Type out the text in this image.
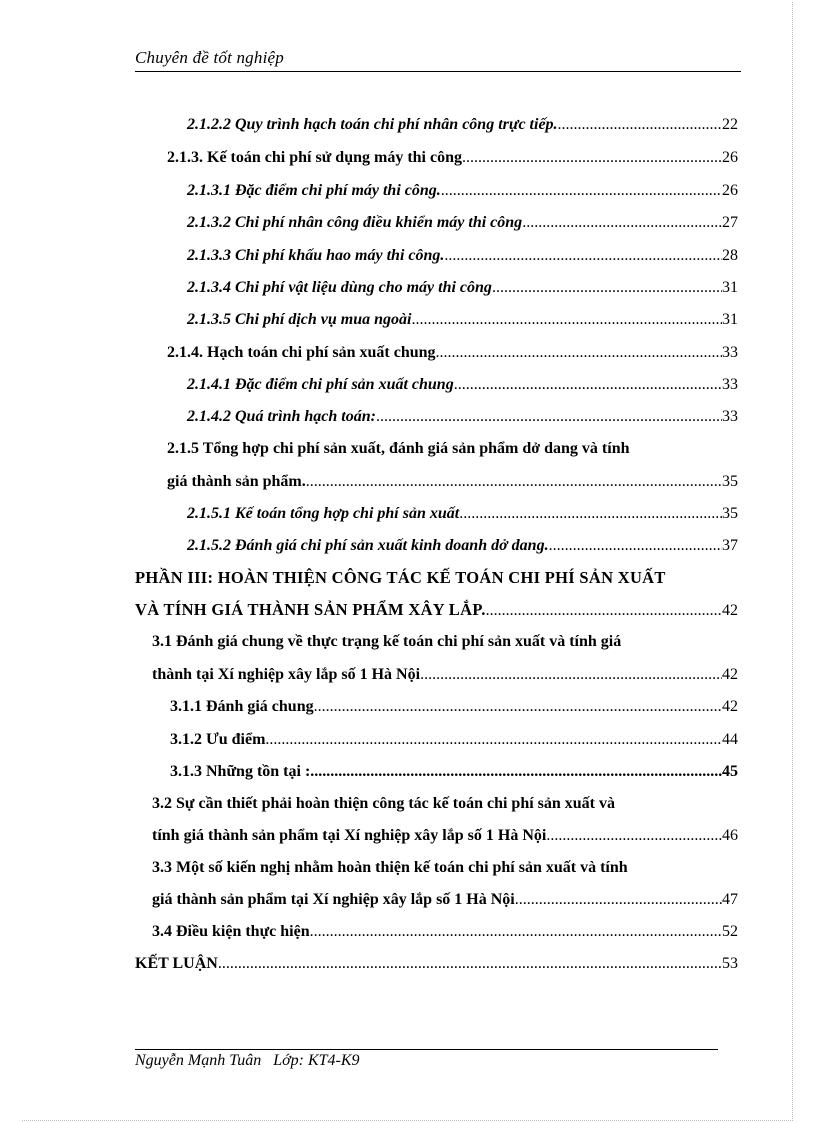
Chuyên đề tốt nghiệp
2.1.2.2 Quy trình hạch toán chi phí nhân công trực tiếp. . . .	22
2.1.3. Kế toán chi phí sử dụng máy thi công . . .	26
2.1.3.1 Đặc điểm chi phí máy thi công. . . .	26
2.1.3.2 Chi phí nhân công điều khiển máy thi công . . .	27
2.1.3.3 Chi phí khấu hao máy thi công. . . .	28
2.1.3.4 Chi phí vật liệu dùng cho máy thi công . . .	31
2.1.3.5 Chi phí dịch vụ mua ngoài . . .	31
2.1.4. Hạch toán chi phí sản xuất chung . . .	33
2.1.4.1 Đặc điểm chi phí sản xuất chung . . .	33
2.1.4.2 Quá trình hạch toán: . . .	33
2.1.5 Tổng hợp chi phí sản xuất, đánh giá sản phẩm dở dang và tính
giá thành sản phẩm. . . .	35
2.1.5.1 Kế toán tổng hợp chi phí sản xuất . . .	35
2.1.5.2 Đánh giá chi phí sản xuất kinh doanh dở dang. . . .	37
PHẦN III: HOÀN THIỆN CÔNG TÁC KẾ TOÁN CHI PHÍ SẢN XUẤT
VÀ TÍNH GIÁ THÀNH SẢN PHẨM XÂY LẮP. . . .	42
3.1 Đánh giá chung về thực trạng kế toán chi phí sản xuất và tính giá
thành tại Xí nghiệp xây lắp số 1 Hà Nội . . .	42
3.1.1 Đánh giá chung . . .	42
3.1.2 Ưu điểm . . .	44
3.1.3 Những tồn tại : . . .	45
3.2 Sự cần thiết phải hoàn thiện công tác kế toán chi phí sản xuất và
tính giá thành sản phẩm tại Xí nghiệp xây lắp số 1 Hà Nội . . .	46
3.3 Một số kiến nghị nhằm hoàn thiện kế toán chi phí sản xuất và tính
giá thành sản phẩm tại Xí nghiệp xây lắp số 1 Hà Nội . . .	47
3.4 Điều kiện thực hiện . . .	52
KẾT LUẬN . . .	53
Nguyễn Mạnh Tuân Lớp: KT4-K9
